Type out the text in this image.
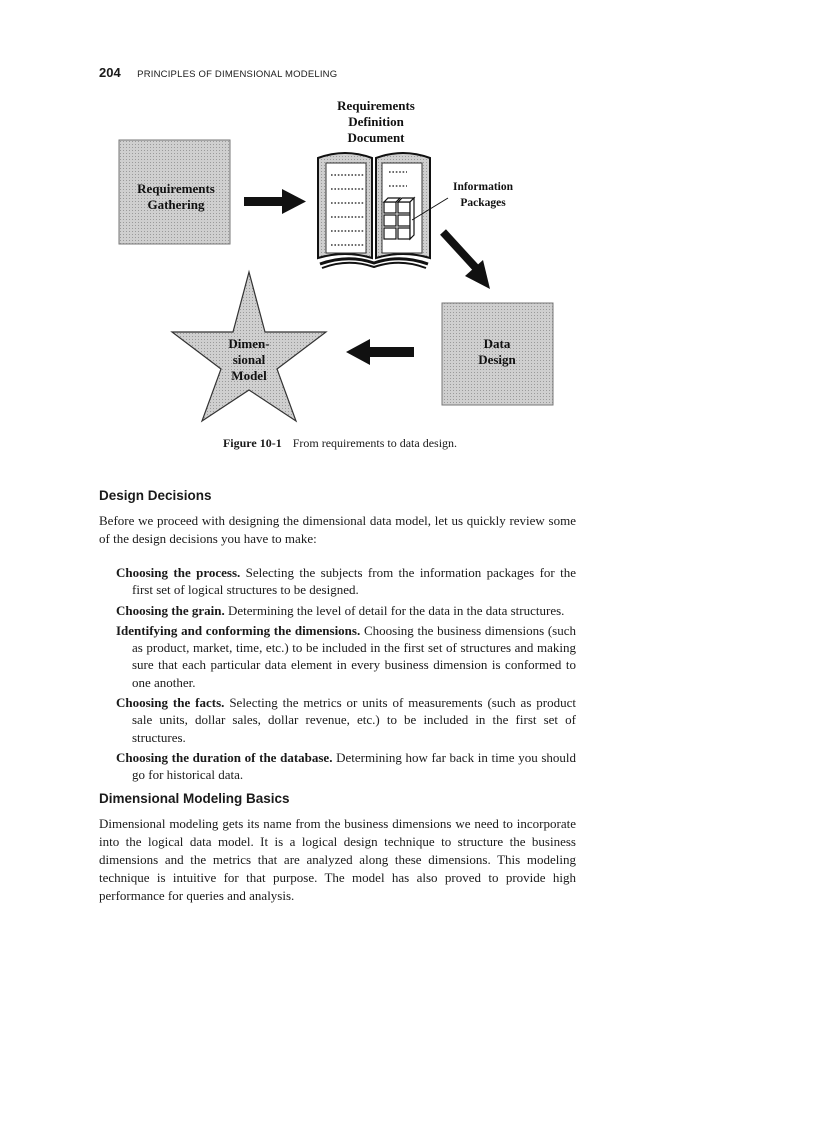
204 PRINCIPLES OF DIMENSIONAL MODELING
Requirements
Definition
Document
Requirements
Gathering
Information
Packages
Data
Design
Dimen-
sional
Model
Figure 10-1 From requirements to data design.
Design Decisions

Before we proceed with designing the dimensional data model, let us quickly review some of the design decisions you have to make:

Choosing the process. Selecting the subjects from the information packages for the first set of logical structures to be designed.
Choosing the grain. Determining the level of detail for the data in the data structures.
Identifying and conforming the dimensions. Choosing the business dimensions (such as product, market, time, etc.) to be included in the first set of structures and making sure that each particular data element in every business dimension is conformed to one another.
Choosing the facts. Selecting the metrics or units of measurements (such as product sale units, dollar sales, dollar revenue, etc.) to be included in the first set of structures.
Choosing the duration of the database. Determining how far back in time you should go for historical data.
Dimensional Modeling Basics

Dimensional modeling gets its name from the business dimensions we need to incorporate into the logical data model. It is a logical design technique to structure the business dimensions and the metrics that are analyzed along these dimensions. This modeling technique is intuitive for that purpose. The model has also proved to provide high performance for queries and analysis.
